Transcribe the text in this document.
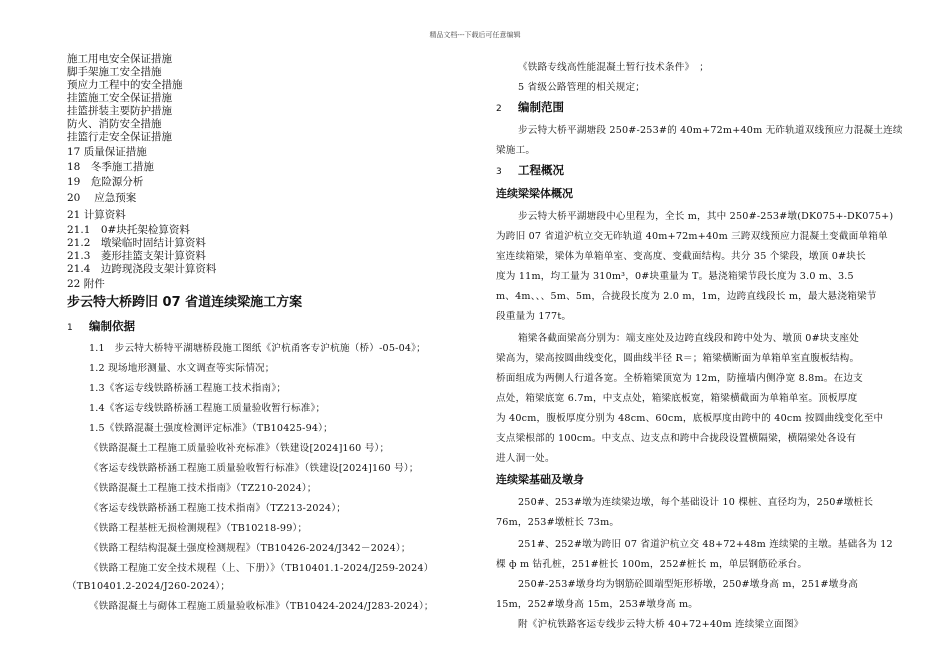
精品文档---下载后可任意编辑
施工用电安全保证措施
脚手架施工安全措施
预应力工程中的安全措施
挂篮施工安全保证措施
挂篮拼装主要防护措施
防火、消防安全措施
挂篮行走安全保证措施
17 质量保证措施
18　冬季施工措施
19　危险源分析
20　 应急预案
21 计算资料
21.1　0#块托架检算资料
21.2　墩梁临时固结计算资料
21.3　菱形挂篮支架计算资料
21.4　边跨现浇段支架计算资料
22 附件
步云特大桥跨旧 07 省道连续梁施工方案
1 编制依据
1.1　步云特大桥特平湖塘桥段施工图纸《沪杭甬客专沪杭施（桥）-05-04》；
1.2 现场地形测量、水文调查等实际情况；
1.3《客运专线铁路桥涵工程施工技术指南》；
1.4《客运专线铁路桥涵工程施工质量验收暂行标准》；
1.5《铁路混凝土强度检测评定标准》（TB10425-94）；
《铁路混凝土工程施工质量验收补充标准》（铁建设[2024]160 号）；
《客运专线铁路桥涵工程施工质量验收暂行标准》（铁建设[2024]160 号）；
《铁路混凝土工程施工技术指南》（TZ210-2024）；
《客运专线铁路桥涵工程施工技术指南》（TZ213-2024）；
《铁路工程基桩无损检测规程》（TB10218-99）；
《铁路工程结构混凝土强度检测规程》（TB10426-2024/J342－2024）；
《铁路工程施工安全技术规程（上、下册）》（TB10401.1-2024/J259-2024）
（TB10401.2-2024/J260-2024）；
《铁路混凝土与砌体工程施工质量验收标准》（TB10424-2024/J283-2024）；
《铁路专线高性能混凝土暂行技术条件》　；
5 省级公路管理的相关规定；
2 编制范围
步云特大桥平湖塘段 250#-253#的 40m+72m+40m 无砟轨道双线预应力混凝土连续
梁施工。
3 工程概况
连续梁梁体概况
步云特大桥平湖塘段中心里程为，全长 m，其中 250#-253#墩(DK075+-DK075+)
为跨旧 07 省道沪杭立交无砟轨道 40m+72m+40m 三跨双线预应力混凝土变截面单箱单
室连续箱梁，梁体为单箱单室、变高度、变截面结构。共分 35 个梁段，墩顶 0#块长
度为 11m，均工量为 310m³，0#块重量为 T。悬浇箱梁节段长度为 3.0 m、3.5
m、4m、、、5m、5m，合拢段长度为 2.0 m，1m，边跨直线段长 m，最大悬浇箱梁节
段重量为 177t。
箱梁各截面梁高分别为：端支座处及边跨直线段和跨中处为、墩顶 0#块支座处
梁高为，梁高按圆曲线变化，圆曲线半径 R＝；箱梁横断面为单箱单室直腹板结构。
桥面组成为两侧人行道各宽。全桥箱梁顶宽为 12m，防撞墙内侧净宽 8.8m。在边支
点处，箱梁底宽 6.7m，中支点处，箱梁底板宽，箱梁横截面为单箱单室。顶板厚度
为 40cm，腹板厚度分别为 48cm、60cm，底板厚度由跨中的 40cm 按圆曲线变化至中
支点梁根部的 100cm。中支点、边支点和跨中合拢段设置横隔梁，横隔梁处各设有
进人洞一处。
连续梁基础及墩身
250#、253#墩为连续梁边墩，每个基础设计 10 棵桩、直径均为，250#墩桩长
76m，253#墩桩长 73m。
251#、252#墩为跨旧 07 省道沪杭立交 48+72+48m 连续梁的主墩。基础各为 12
棵 ф m 钻孔桩，251#桩长 100m，252#桩长 m，单层钢筋砼承台。
250#-253#墩身均为钢筋砼圆端型矩形桥墩，250#墩身高 m，251#墩身高
15m，252#墩身高 15m，253#墩身高 m。
附《沪杭铁路客运专线步云特大桥 40+72+40m 连续梁立面图》
